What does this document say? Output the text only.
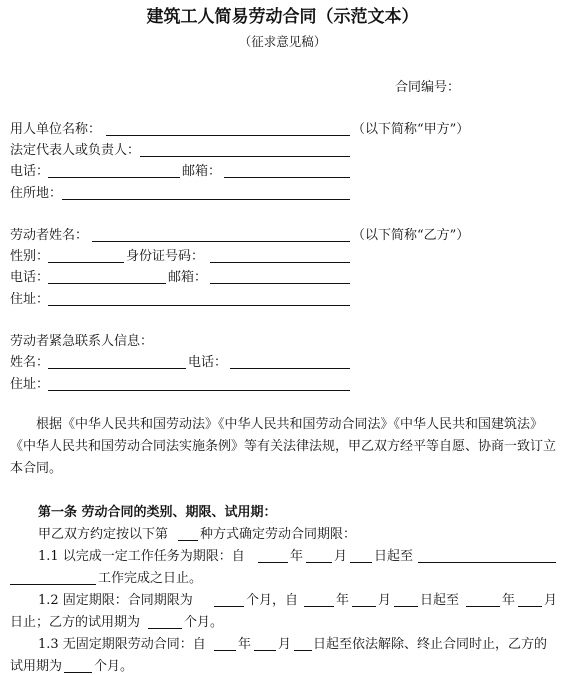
建筑工人简易劳动合同（示范文本）
（征求意见稿）
合同编号：
用人单位名称：	（以下简称“甲方”）
法定代表人或负责人：
电话：	邮箱：
住所地：
劳动者姓名：	（以下简称“乙方”）
性别：	身份证号码：
电话：	邮箱：
住址：
劳动者紧急联系人信息：
姓名：	电话：
住址：
根据《中华人民共和国劳动法》《中华人民共和国劳动合同法》《中华人民共和国建筑法》《中华人民共和国劳动合同法实施条例》等有关法律法规，甲乙双方经平等自愿、协商一致订立本合同。
第一条 劳动合同的类别、期限、试用期：
甲乙双方约定按以下第 种方式确定劳动合同期限：
1.1 以完成一定工作任务为期限：自	年 月 日起至
工作完成之日止。
1.2 固定期限：合同期限为	个月，自	年 月 日起至	年 月
日止；乙方的试用期为	个月。
1.3 无固定期限劳动合同：自 年 月 日起至依法解除、终止合同时止，乙方的
试用期为 个月。
